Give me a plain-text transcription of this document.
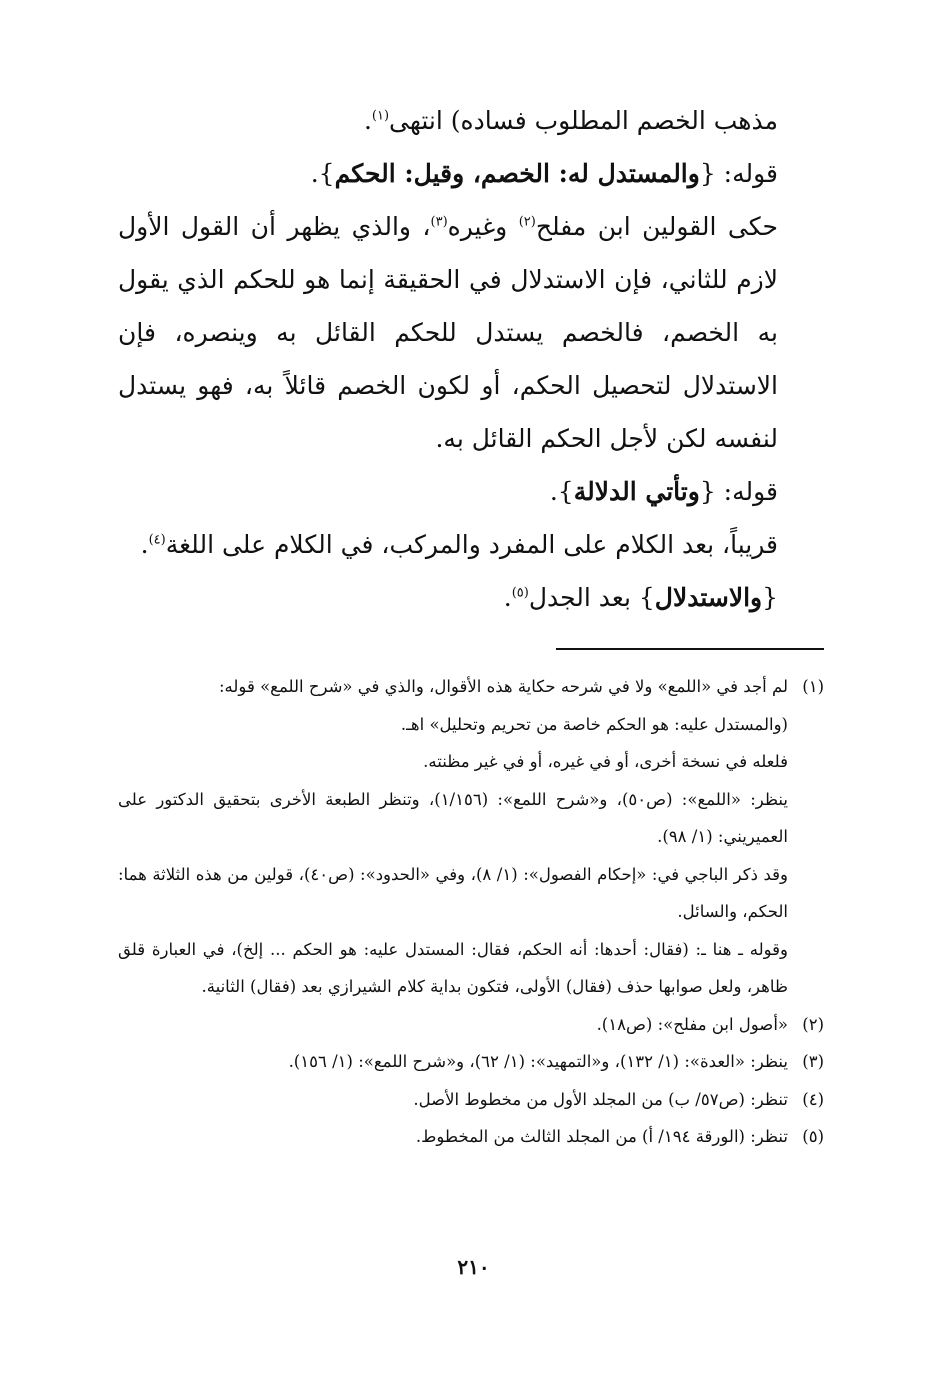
مذهب الخصم المطلوب فساده) انتهى$^{(١)}$.

قوله: {والمستدل له: الخصم، وقيل: الحكم}.

حكى القولين ابن مفلح$^{(٢)}$ وغيره$^{(٣)}$، والذي يظهر أن القول الأول لازم للثاني، فإن الاستدلال في الحقيقة إنما هو للحكم الذي يقول به الخصم، فالخصم يستدل للحكم القائل به وينصره، فإن الاستدلال لتحصيل الحكم، أو لكون الخصم قائلاً به، فهو يستدل لنفسه لكن لأجل الحكم القائل به.

قوله: {وتأتي الدلالة}.

قريباً، بعد الكلام على المفرد والمركب، في الكلام على اللغة$^{(٤)}$.

{والاستدلال} بعد الجدل$^{(٥)}$.

(١)
لم أجد في «اللمع» ولا في شرحه حكاية هذه الأقوال، والذي في «شرح اللمع» قوله:
(والمستدل عليه: هو الحكم خاصة من تحريم وتحليل» اهـ.
فلعله في نسخة أخرى، أو في غيره، أو في غير مظنته.
ينظر: «اللمع»: (ص٥٠)، و«شرح اللمع»: (١/١٥٦)، وتنظر الطبعة الأخرى بتحقيق الدكتور على العميريني: (١/ ٩٨).
وقد ذكر الباجي في: «إحكام الفصول»: (١/ ٨)، وفي «الحدود»: (ص٤٠)، قولين من هذه الثلاثة هما: الحكم، والسائل.
وقوله ـ هنا ـ: (فقال: أحدها: أنه الحكم، فقال: المستدل عليه: هو الحكم ... إلخ)، في العبارة قلق ظاهر، ولعل صوابها حذف (فقال) الأولى، فتكون بداية كلام الشيرازي بعد (فقال) الثانية.
(٢)
«أصول ابن مفلح»: (ص١٨).
(٣)
ينظر: «العدة»: (١/ ١٣٢)، و«التمهيد»: (١/ ٦٢)، و«شرح اللمع»: (١/ ١٥٦).
(٤)
تنظر: (ص٥٧/ ب) من المجلد الأول من مخطوط الأصل.
(٥)
تنظر: (الورقة ١٩٤/ أ) من المجلد الثالث من المخطوط.
٢١٠
